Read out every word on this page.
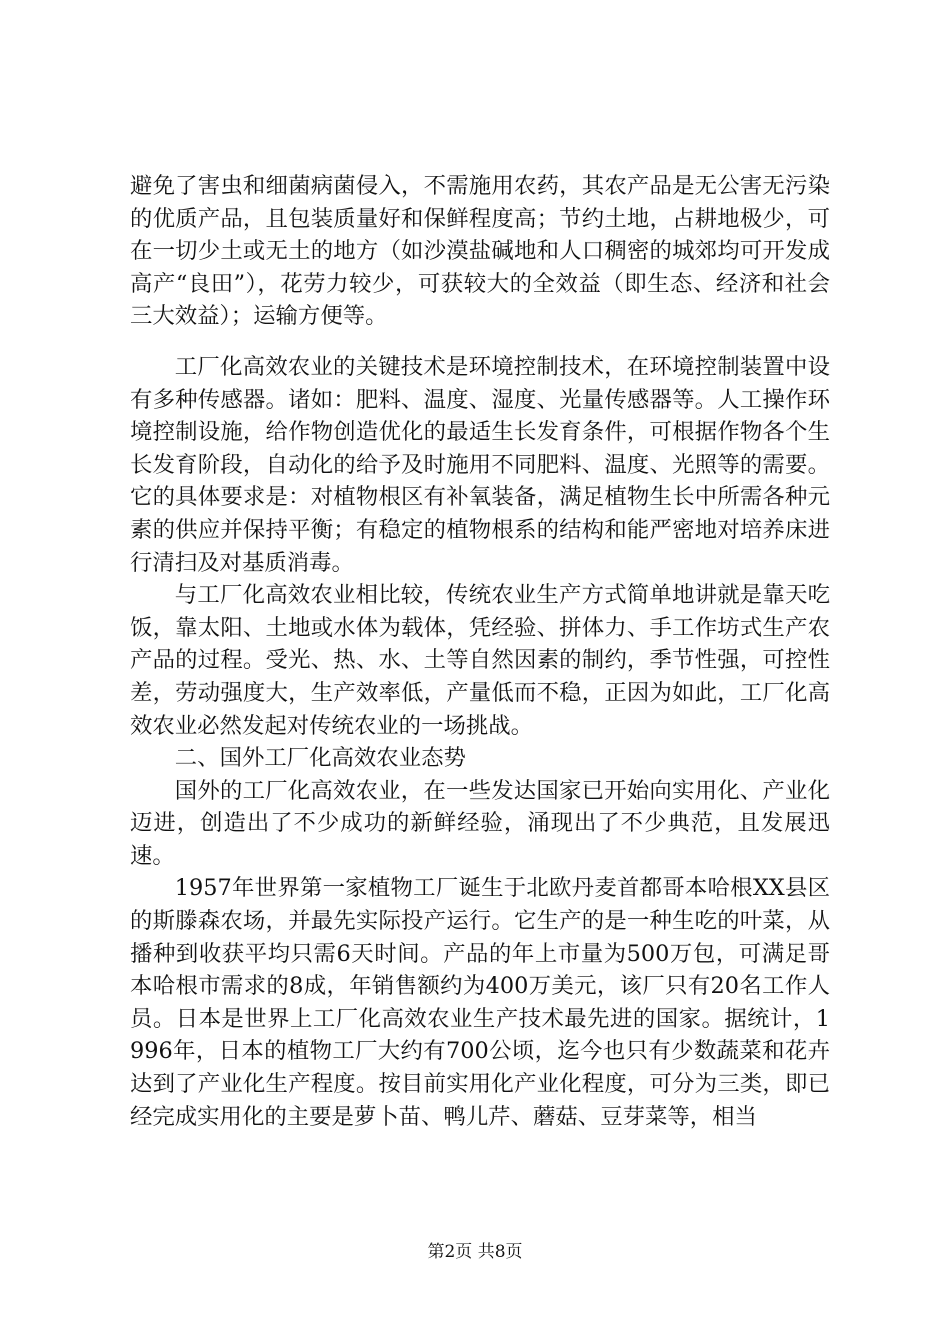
避免了害虫和细菌病菌侵入，不需施用农药，其农产品是无公害无污染的优质产品，且包装质量好和保鲜程度高；节约土地，占耕地极少，可在一切少土或无土的地方（如沙漠盐碱地和人口稠密的城郊均可开发成高产“良田”），花劳力较少，可获较大的全效益（即生态、经济和社会三大效益）；运输方便等。

工厂化高效农业的关键技术是环境控制技术，在环境控制装置中设有多种传感器。诸如：肥料、温度、湿度、光量传感器等。人工操作环境控制设施，给作物创造优化的最适生长发育条件，可根据作物各个生长发育阶段，自动化的给予及时施用不同肥料、温度、光照等的需要。它的具体要求是：对植物根区有补氧装备，满足植物生长中所需各种元素的供应并保持平衡；有稳定的植物根系的结构和能严密地对培养床进行清扫及对基质消毒。

与工厂化高效农业相比较，传统农业生产方式简单地讲就是靠天吃饭，靠太阳、土地或水体为载体，凭经验、拼体力、手工作坊式生产农产品的过程。受光、热、水、土等自然因素的制约，季节性强，可控性差，劳动强度大，生产效率低，产量低而不稳，正因为如此，工厂化高效农业必然发起对传统农业的一场挑战。

二、国外工厂化高效农业态势

国外的工厂化高效农业，在一些发达国家已开始向实用化、产业化迈进，创造出了不少成功的新鲜经验，涌现出了不少典范，且发展迅速。

1957年世界第一家植物工厂诞生于北欧丹麦首都哥本哈根XX县区的斯滕森农场，并最先实际投产运行。它生产的是一种生吃的叶菜，从播种到收获平均只需6天时间。产品的年上市量为500万包，可满足哥本哈根市需求的8成，年销售额约为400万美元，该厂只有20名工作人员。日本是世界上工厂化高效农业生产技术最先进的国家。据统计，1996年，日本的植物工厂大约有700公顷，迄今也只有少数蔬菜和花卉达到了产业化生产程度。按目前实用化产业化程度，可分为三类，即已经完成实用化的主要是萝卜苗、鸭儿芹、蘑菇、豆芽菜等，相当

第2页 共8页
